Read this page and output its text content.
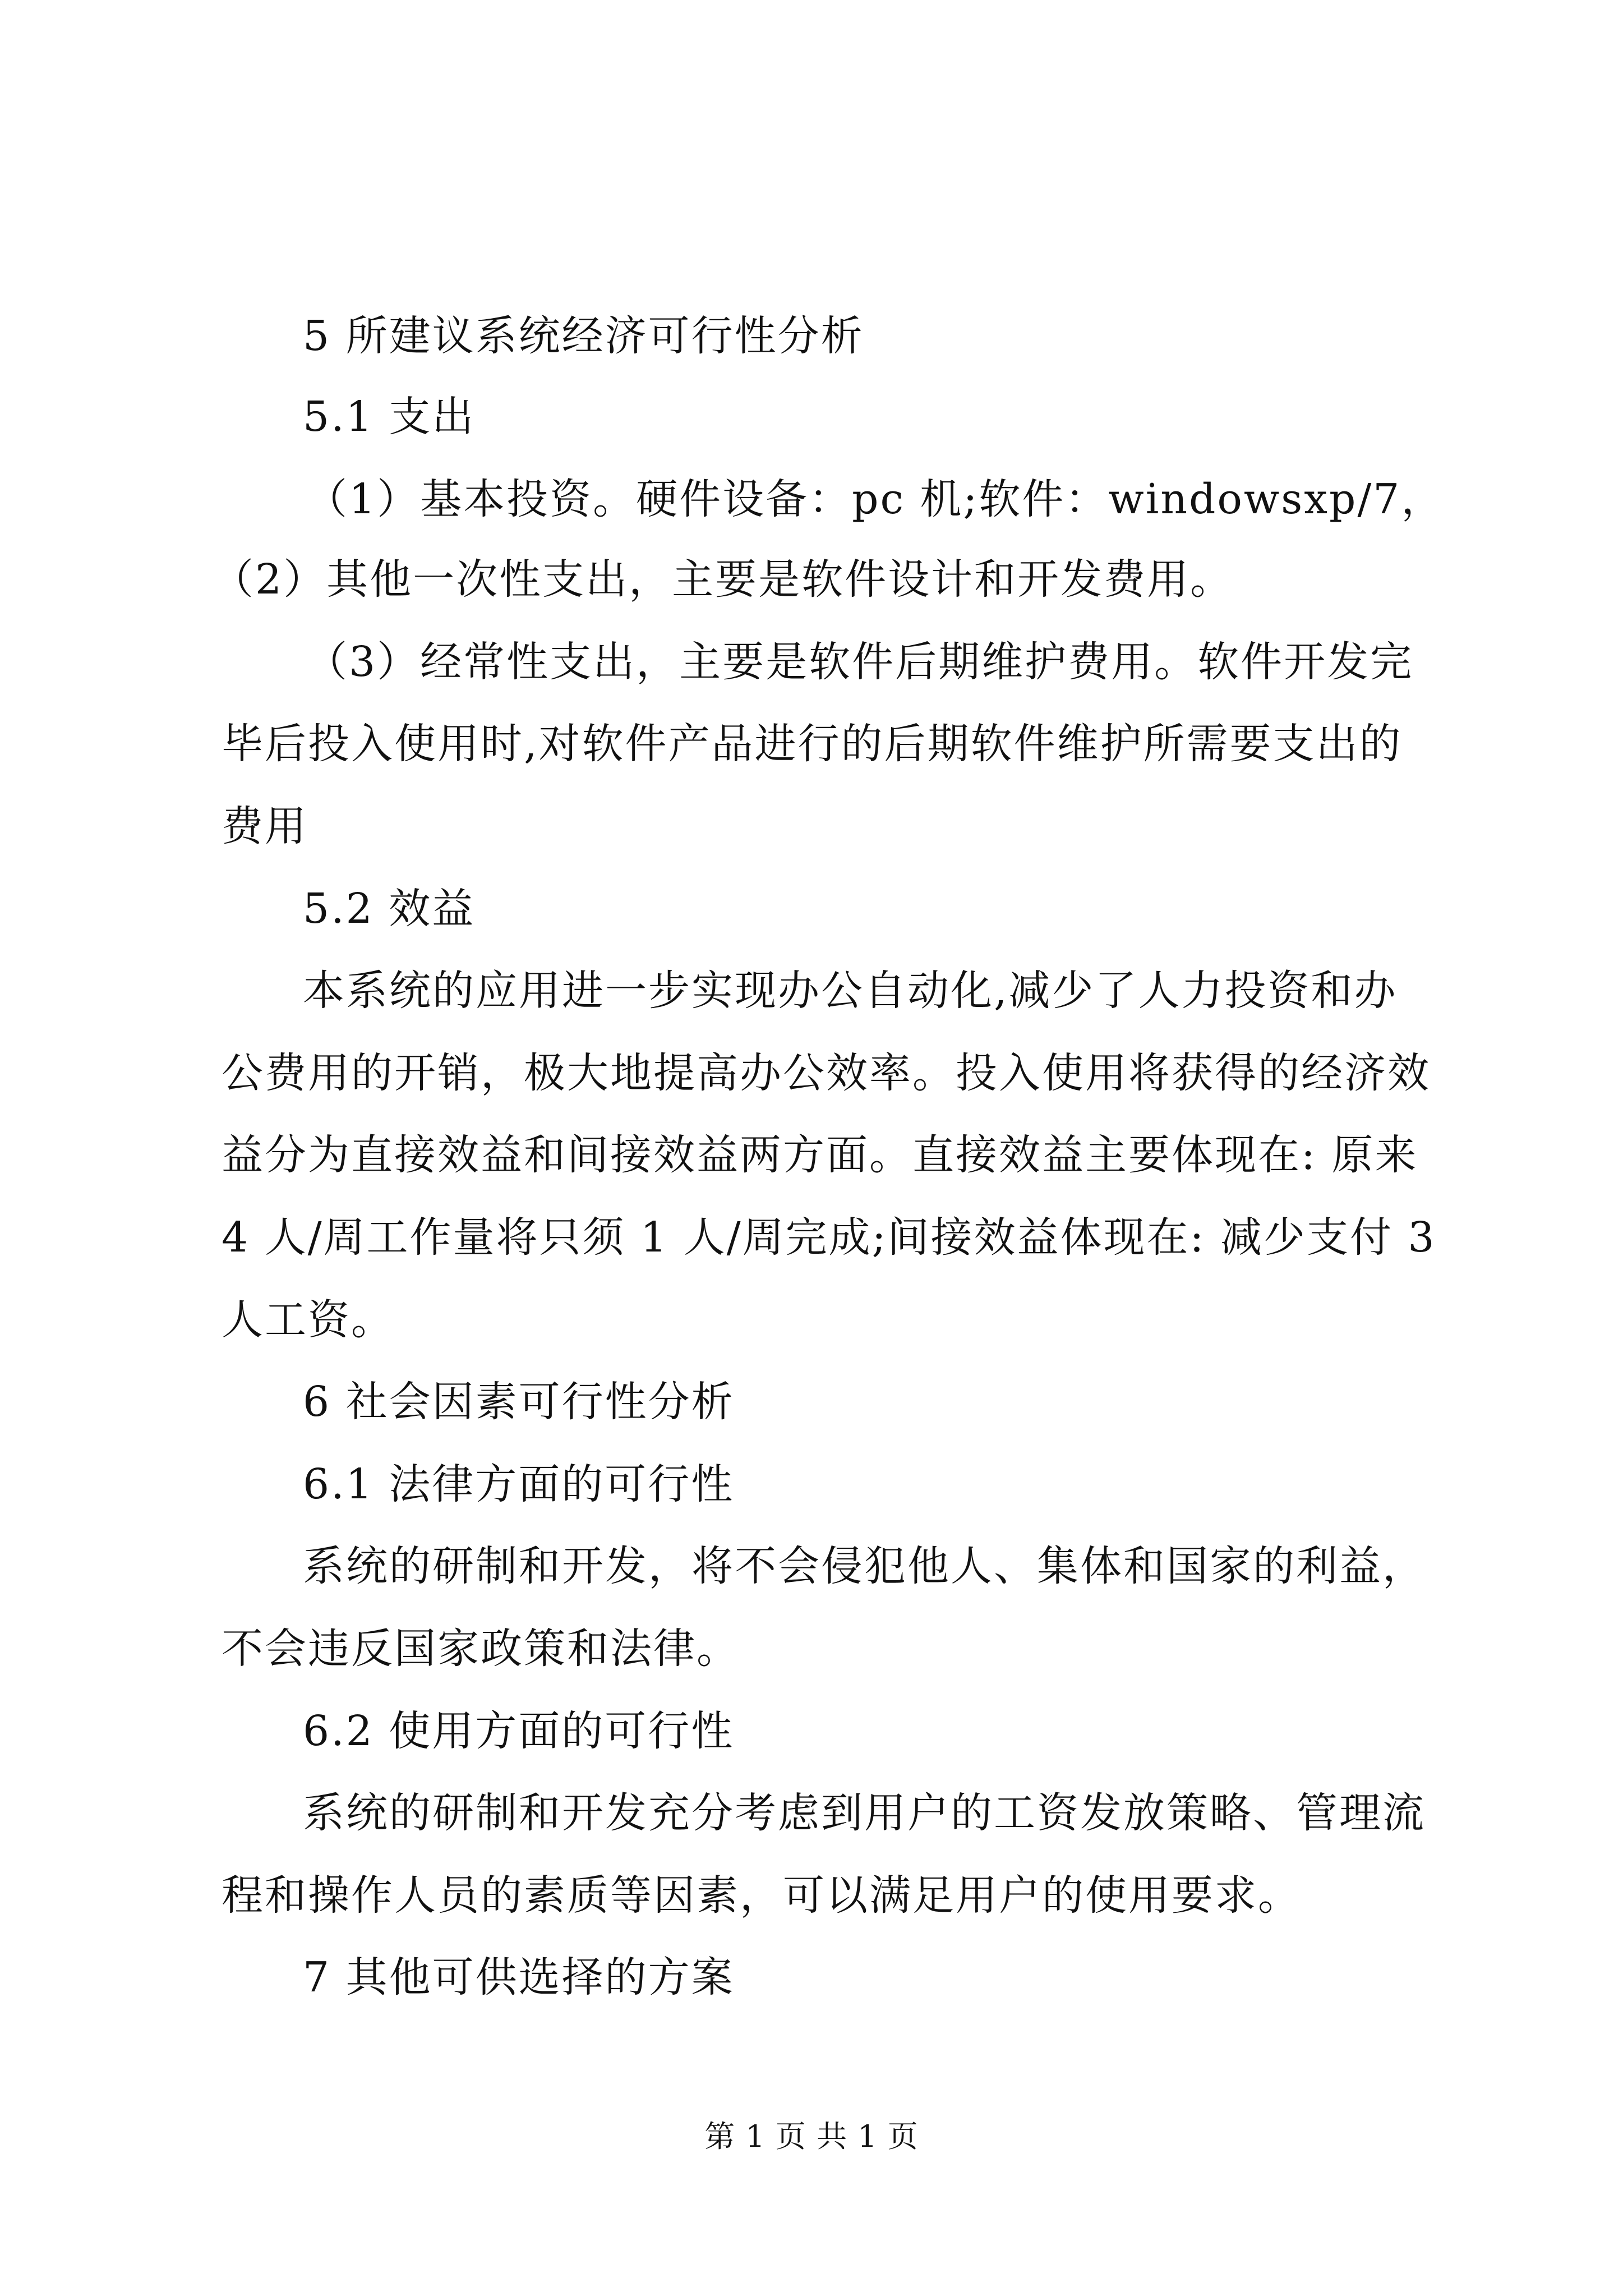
5 所建议系统经济可行性分析
5.1 支出
（1）基本投资。硬件设备：pc 机;软件：windowsxp/7，
（2）其他一次性支出，主要是软件设计和开发费用。
（3）经常性支出，主要是软件后期维护费用。软件开发完
毕后投入使用时,对软件产品进行的后期软件维护所需要支出的
费用
5.2 效益
本系统的应用进一步实现办公自动化,减少了人力投资和办
公费用的开销，极大地提高办公效率。投入使用将获得的经济效
益分为直接效益和间接效益两方面。直接效益主要体现在: 原来
4 人/周工作量将只须 1 人/周完成;间接效益体现在: 减少支付 3
人工资。
6 社会因素可行性分析
6.1 法律方面的可行性
系统的研制和开发，将不会侵犯他人、集体和国家的利益，
不会违反国家政策和法律。
6.2 使用方面的可行性
系统的研制和开发充分考虑到用户的工资发放策略、管理流
程和操作人员的素质等因素，可以满足用户的使用要求。
7 其他可供选择的方案
第 1 页 共 1 页
